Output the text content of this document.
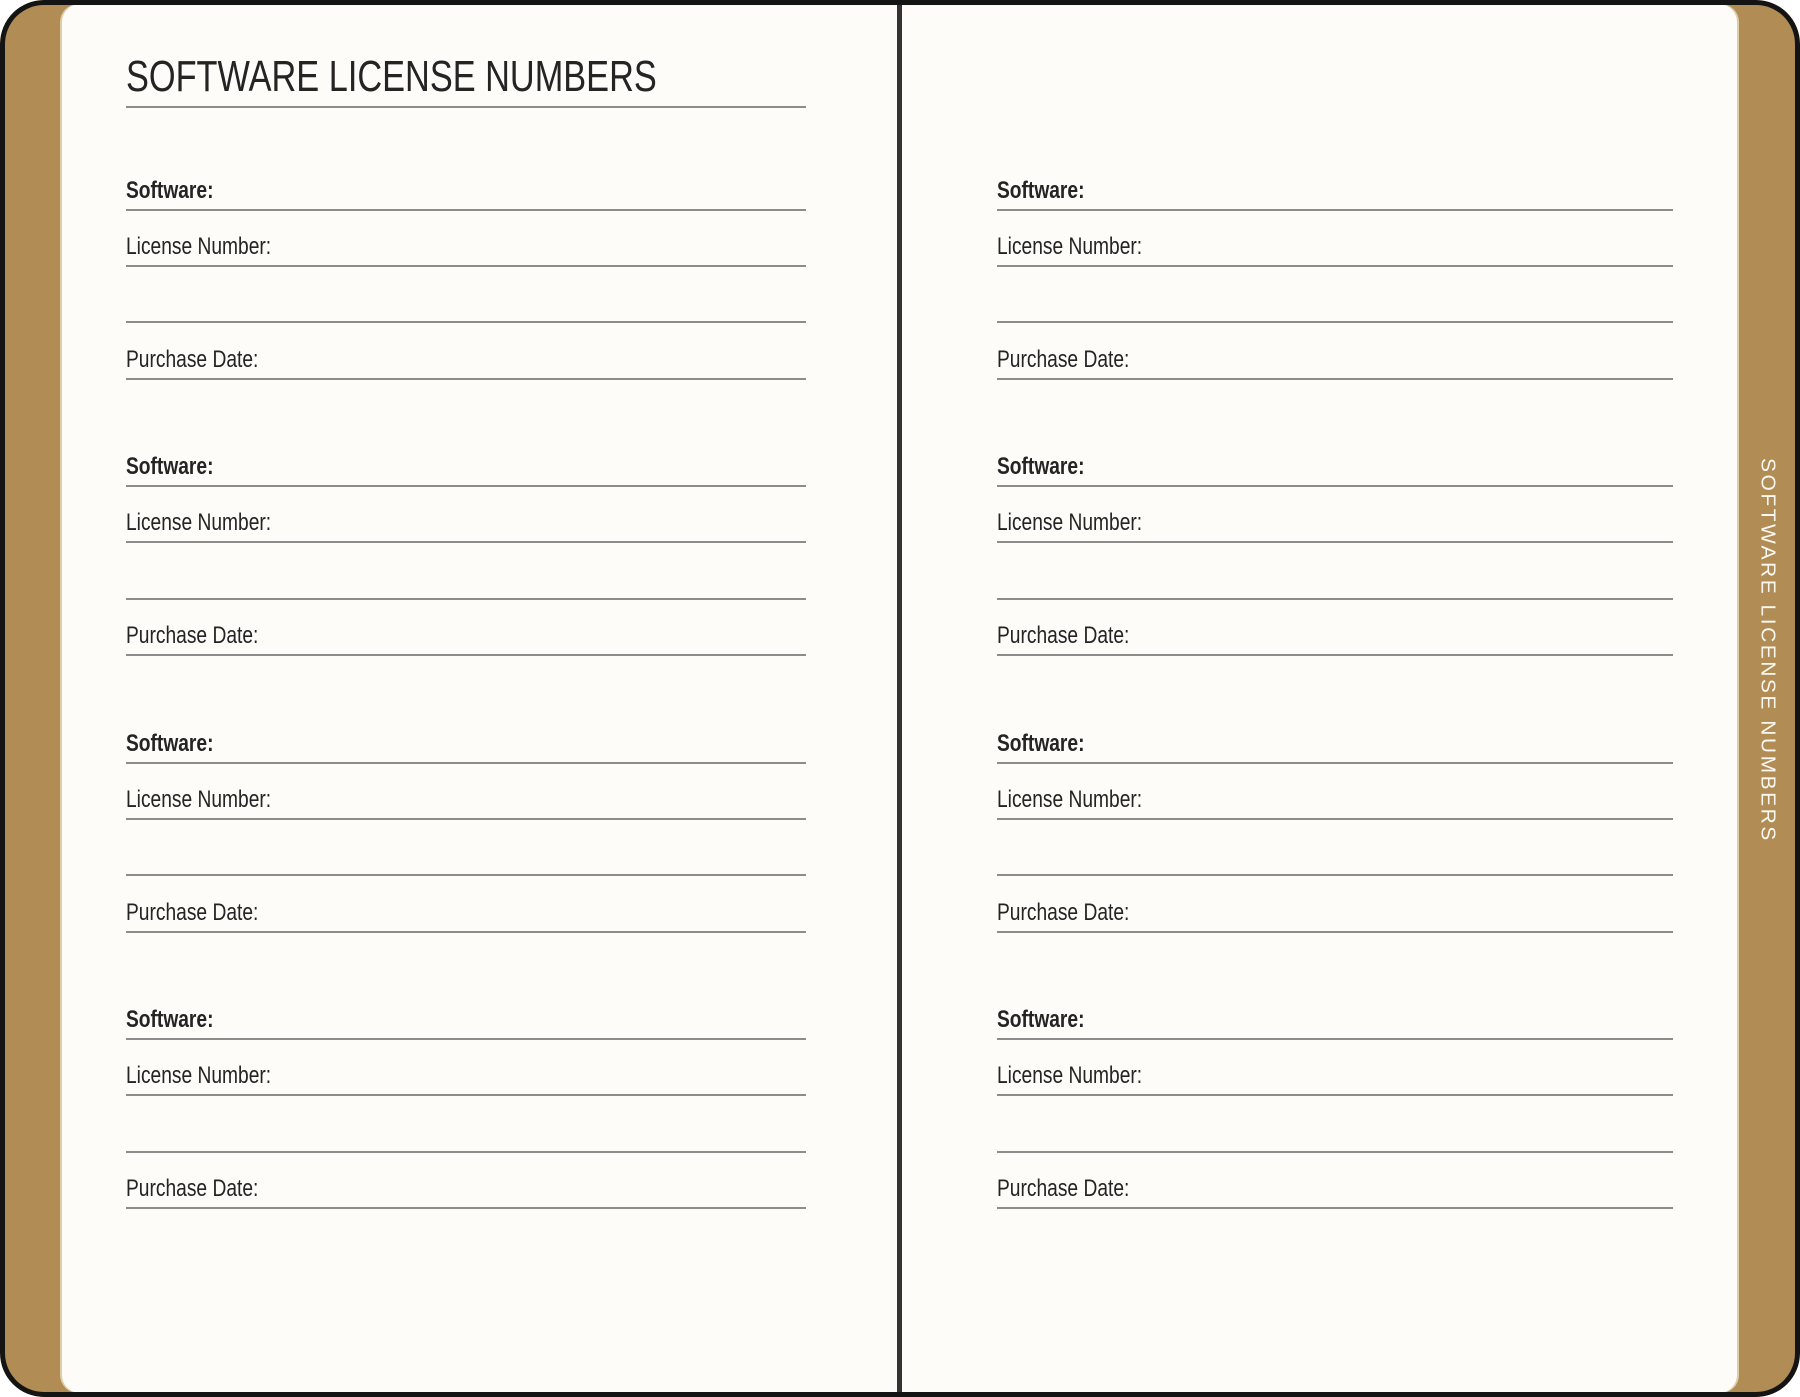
SOFTWARE LICENSE NUMBERS
Software:
License Number:
Purchase Date:
Software:
License Number:
Purchase Date:
Software:
License Number:
Purchase Date:
Software:
License Number:
Purchase Date:
Software:
License Number:
Purchase Date:
Software:
License Number:
Purchase Date:
Software:
License Number:
Purchase Date:
Software:
License Number:
Purchase Date:
SOFTWARE LICENSE NUMBERS
